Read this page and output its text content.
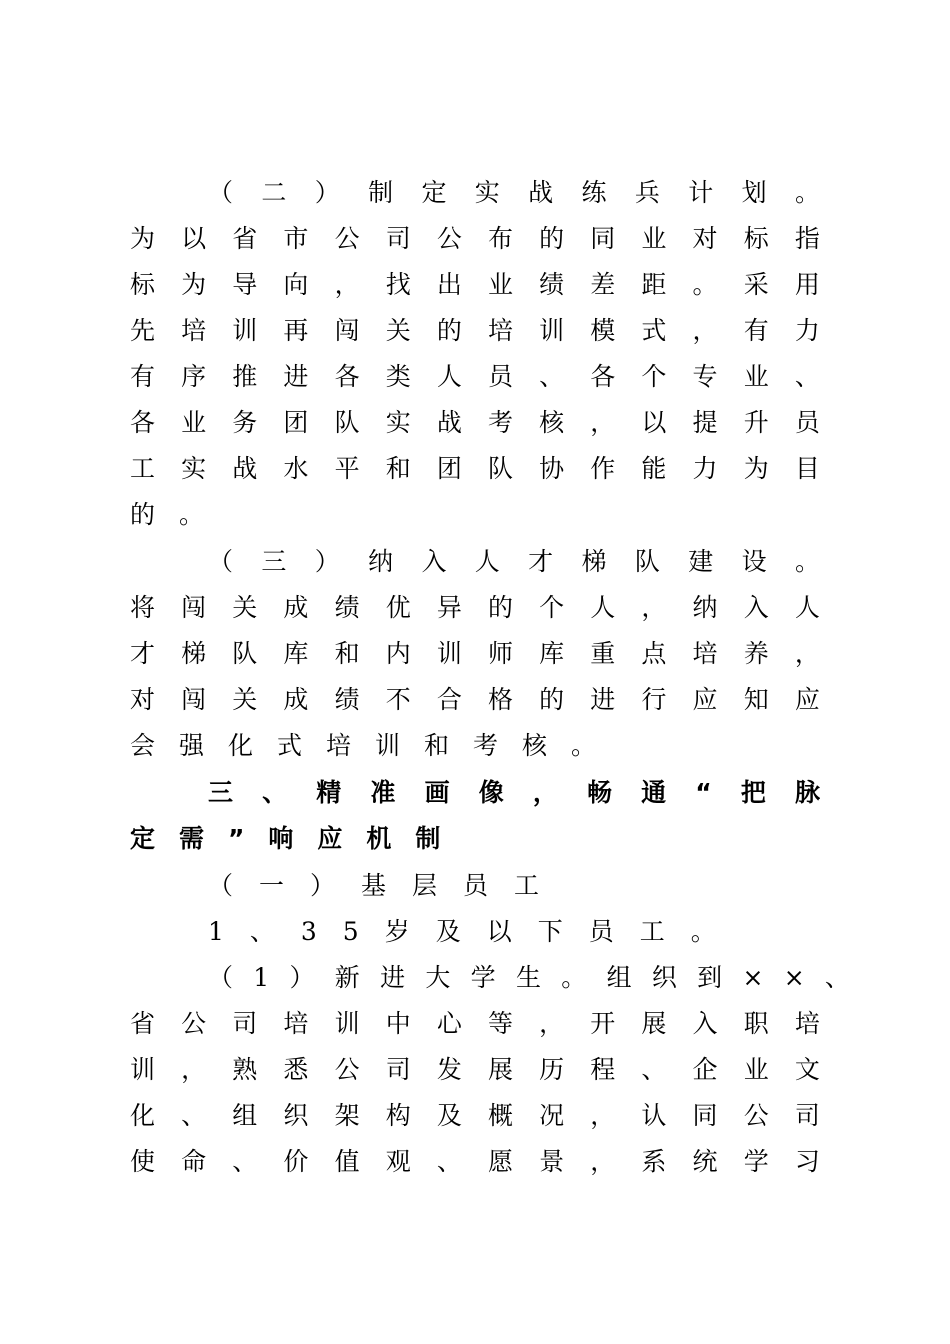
（ 二 ） 制 定 实 战 练 兵 计 划 。
为 以 省 市 公 司 公 布 的 同 业 对 标 指
标 为 导 向 ， 找 出 业 绩 差 距 。 采 用
先 培 训 再 闯 关 的 培 训 模 式 ， 有 力
有 序 推 进 各 类 人 员 、 各 个 专 业 、
各 业 务 团 队 实 战 考 核 ， 以 提 升 员
工 实 战 水 平 和 团 队 协 作 能 力 为 目
的。
（ 三 ） 纳 入 人 才 梯 队 建 设 。
将 闯 关 成 绩 优 异 的 个 人 ， 纳 入 人
才 梯 队 库 和 内 训 师 库 重 点 培 养 ，
对 闯 关 成 绩 不 合 格 的 进 行 应 知 应
会强化式培训和考核。
三 、 精 准 画 像 ， 畅 通 “ 把 脉
定需”响应机制
（一）基层员工
1、35岁及以下员工。
（ 1 ） 新 进 大 学 生 。 组 织 到 × × 、
省 公 司 培 训 中 心 等 ， 开 展 入 职 培
训 ， 熟 悉 公 司 发 展 历 程 、 企 业 文
化 、 组 织 架 构 及 概 况 ， 认 同 公 司
使 命 、 价 值 观 、 愿 景 ， 系 统 学 习
